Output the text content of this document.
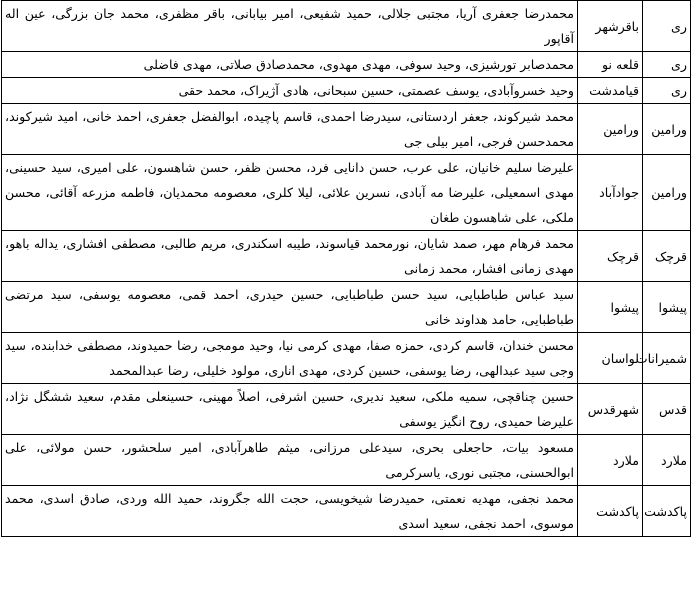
ری	باقرشهر	محمدرضا جعفری آریا، مجتبی جلالی، حمید شفیعی، امیر بیابانی، باقر مظفری، محمد جان بزرگی، عین اله آقاپور
ری	قلعه نو	محمدصابر تورشیزی، وحید سوفی، مهدی مهدوی، محمدصادق صلاتی، مهدی فاضلی
ری	قیامدشت	وحید خسروآبادی، یوسف عصمتی، حسین سبحانی، هادی آژیراک، محمد حقی
ورامین	ورامین	محمد شیرکوند، جعفر اردستانی، سیدرضا احمدی، قاسم پاچیده، ابوالفضل جعفری، احمد خانی، امید شیرکوند، محمدحسن فرجی، امیر بیلی جی
ورامین	جوادآباد	علیرضا سلیم خانیان، علی عرب، حسن دانایی فرد، محسن ظفر، حسن شاهسون، علی امیری، سید حسینی، مهدی اسمعیلی، علیرضا مه آبادی، نسرین علائی، لیلا کلری، معصومه محمدیان، فاطمه مزرعه آقائی، محسن ملکی، علی شاهسون طغان
قرچک	قرچک	محمد فرهام مهر، صمد شایان، نورمحمد قیاسوند، طیبه اسکندری، مریم طالبی، مصطفی افشاری، یداله باهو، مهدی زمانی افشار، محمد زمانی
پیشوا	پیشوا	سید عباس طباطبایی، سید حسن طباطبایی، حسین حیدری، احمد قمی، معصومه یوسفی، سید مرتضی طباطبایی، حامد هداوند خانی
شمیرانات	لواسان	محسن خندان، قاسم کردی، حمزه صفا، مهدی کرمی نیا، وحید مومجی، رضا حمیدوند، مصطفی خدابنده، سید وجی سید عبدالهی، رضا یوسفی، حسین کردی، مهدی اناری، مولود خلیلی، رضا عبدالمحمد
قدس	شهرقدس	حسین چناقچی، سمیه ملکی، سعید ندیری، حسین اشرفی، اصلاً مهینی، حسینعلی مقدم، سعید ششگل نژاد، علیرضا حمیدی، روح انگیز یوسفی
ملارد	ملارد	مسعود بیات، حاجعلی بحری، سیدعلی مرزانی، میثم طاهرآبادی، امیر سلحشور، حسن مولائی، علی ابوالحسنی، مجتبی نوری، یاسرکرمی
پاکدشت	پاکدشت	محمد نجفی، مهدیه نعمتی، حمیدرضا شیخویسی، حجت الله جگروند، حمید الله وردی، صادق اسدی، محمد موسوی، احمد نجفی، سعید اسدی
